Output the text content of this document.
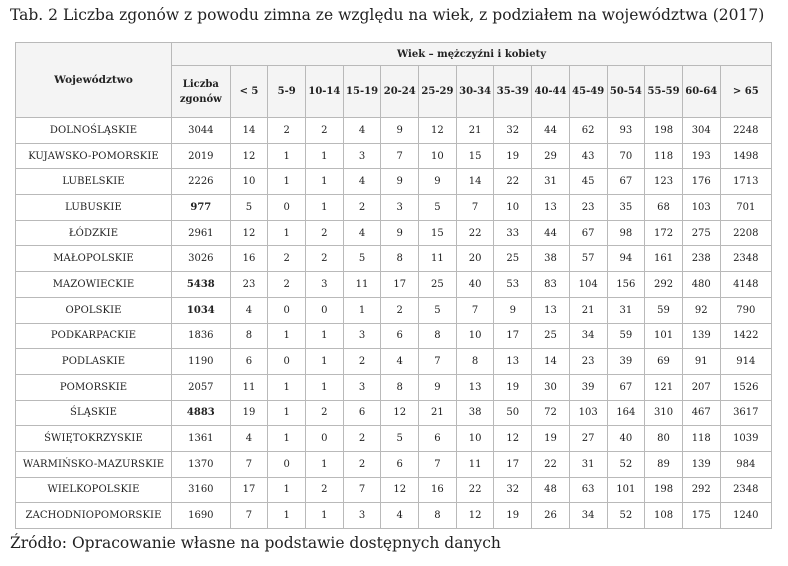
Tab. 2 Liczba zgonów z powodu zimna ze względu na wiek, z podziałem na województwa (2017)
Województwo	Wiek – mężczyźni i kobiety														
	Liczba zgonów	< 5	5-9	10-14	15-19	20-24	25-29	30-34	35-39	40-44	45-49	50-54	55-59	60-64	> 65
DOLNOŚLĄSKIE	3044	14	2	2	4	9	12	21	32	44	62	93	198	304	2248
KUJAWSKO-POMORSKIE	2019	12	1	1	3	7	10	15	19	29	43	70	118	193	1498
LUBELSKIE	2226	10	1	1	4	9	9	14	22	31	45	67	123	176	1713
LUBUSKIE	977	5	0	1	2	3	5	7	10	13	23	35	68	103	701
ŁÓDZKIE	2961	12	1	2	4	9	15	22	33	44	67	98	172	275	2208
MAŁOPOLSKIE	3026	16	2	2	5	8	11	20	25	38	57	94	161	238	2348
MAZOWIECKIE	5438	23	2	3	11	17	25	40	53	83	104	156	292	480	4148
OPOLSKIE	1034	4	0	0	1	2	5	7	9	13	21	31	59	92	790
PODKARPACKIE	1836	8	1	1	3	6	8	10	17	25	34	59	101	139	1422
PODLASKIE	1190	6	0	1	2	4	7	8	13	14	23	39	69	91	914
POMORSKIE	2057	11	1	1	3	8	9	13	19	30	39	67	121	207	1526
ŚLĄSKIE	4883	19	1	2	6	12	21	38	50	72	103	164	310	467	3617
ŚWIĘTOKRZYSKIE	1361	4	1	0	2	5	6	10	12	19	27	40	80	118	1039
WARMIŃSKO-MAZURSKIE	1370	7	0	1	2	6	7	11	17	22	31	52	89	139	984
WIELKOPOLSKIE	3160	17	1	2	7	12	16	22	32	48	63	101	198	292	2348
ZACHODNIOPOMORSKIE	1690	7	1	1	3	4	8	12	19	26	34	52	108	175	1240
Źródło: Opracowanie własne na podstawie dostępnych danych
